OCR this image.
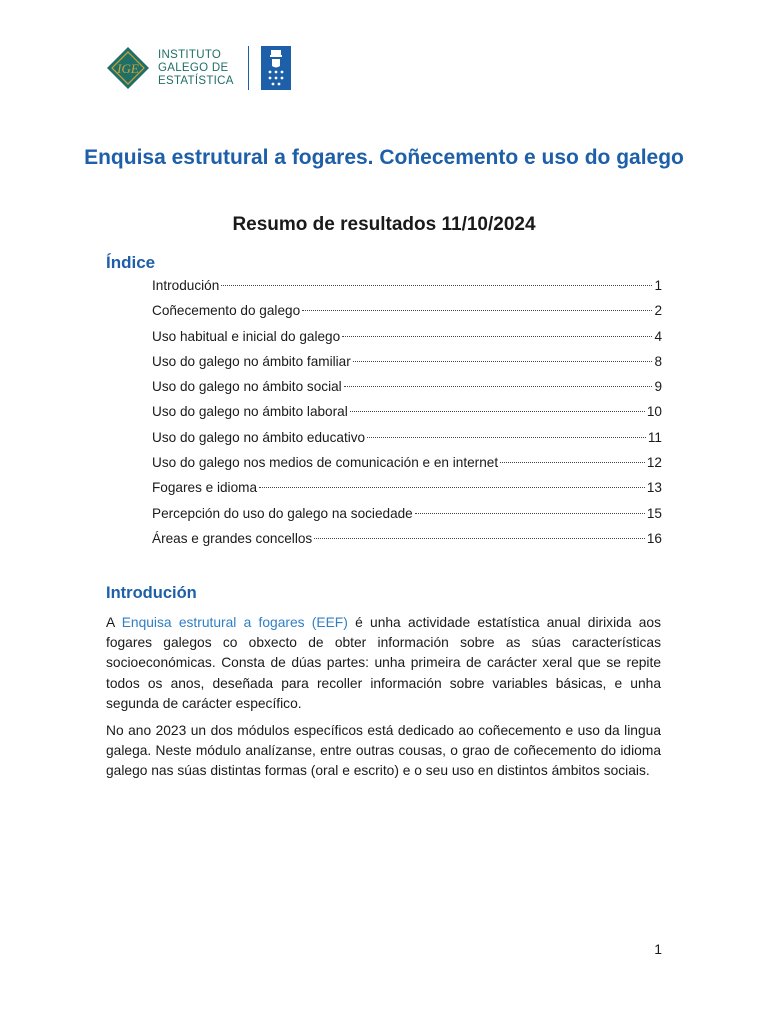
IGE
INSTITUTO
GALEGO DE
ESTATÍSTICA
Enquisa estrutural a fogares. Coñecemento e uso do galego
Resumo de resultados 11/10/2024
Índice
Introdución	1
Coñecemento do galego	2
Uso habitual e inicial do galego	4
Uso do galego no ámbito familiar	8
Uso do galego no ámbito social	9
Uso do galego no ámbito laboral	10
Uso do galego no ámbito educativo	11
Uso do galego nos medios de comunicación e en internet	12
Fogares e idioma	13
Percepción do uso do galego na sociedade	15
Áreas e grandes concellos	16
Introdución

A Enquisa estrutural a fogares (EEF) é unha actividade estatística anual dirixida aos fogares galegos co obxecto de obter información sobre as súas características socioeconómicas. Consta de dúas partes: unha primeira de carácter xeral que se repite todos os anos, deseñada para recoller información sobre variables básicas, e unha segunda de carácter específico.

No ano 2023 un dos módulos específicos está dedicado ao coñecemento e uso da lingua galega. Neste módulo analízanse, entre outras cousas, o grao de coñecemento do idioma galego nas súas distintas formas (oral e escrito) e o seu uso en distintos ámbitos sociais.

1
